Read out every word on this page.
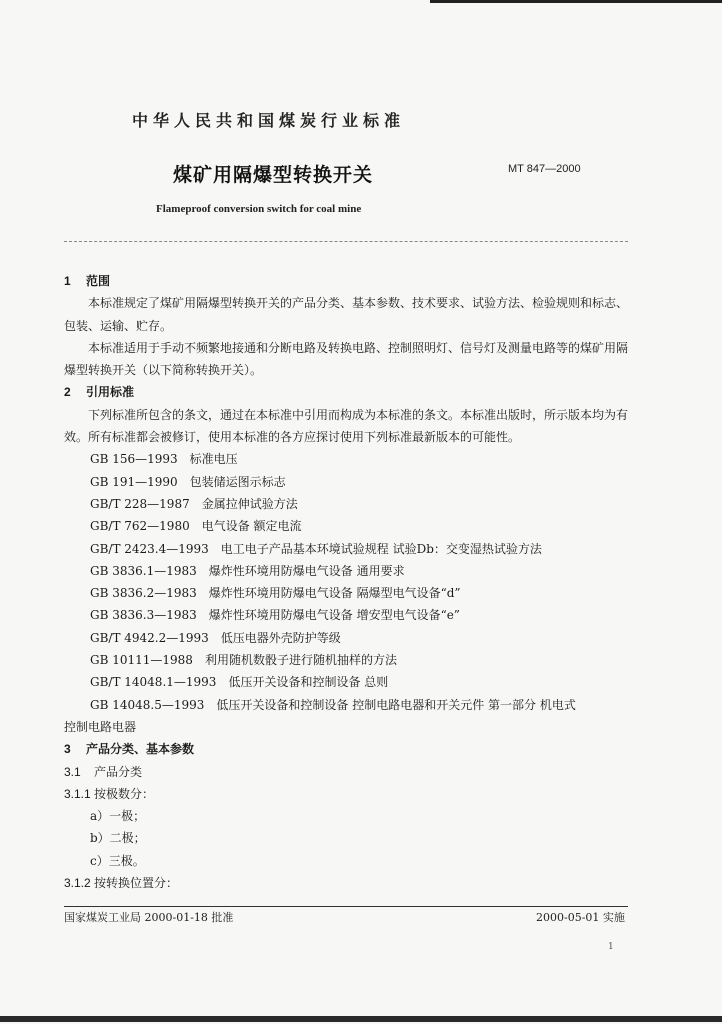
中华人民共和国煤炭行业标准
煤矿用隔爆型转换开关	MT 847—2000
Flameproof conversion switch for coal mine

1 范围

本标准规定了煤矿用隔爆型转换开关的产品分类、基本参数、技术要求、试验方法、检验规则和标志、包装、运输、贮存。

本标准适用于手动不频繁地接通和分断电路及转换电路、控制照明灯、信号灯及测量电路等的煤矿用隔爆型转换开关（以下简称转换开关）。

2 引用标准

下列标准所包含的条文，通过在本标准中引用而构成为本标准的条文。本标准出版时，所示版本均为有效。所有标准都会被修订，使用本标准的各方应探讨使用下列标准最新版本的可能性。

GB 156—1993 标准电压

GB 191—1990 包装储运图示标志

GB/T 228—1987 金属拉伸试验方法

GB/T 762—1980 电气设备 额定电流

GB/T 2423.4—1993 电工电子产品基本环境试验规程 试验Db：交变湿热试验方法

GB 3836.1—1983 爆炸性环境用防爆电气设备 通用要求

GB 3836.2—1983 爆炸性环境用防爆电气设备 隔爆型电气设备“d”

GB 3836.3—1983 爆炸性环境用防爆电气设备 增安型电气设备“e”

GB/T 4942.2—1993 低压电器外壳防护等级

GB 10111—1988 利用随机数骰子进行随机抽样的方法

GB/T 14048.1—1993 低压开关设备和控制设备 总则

GB 14048.5—1993 低压开关设备和控制设备 控制电路电器和开关元件 第一部分 机电式
控制电路电器

3 产品分类、基本参数

3.1 产品分类

3.1.1 按极数分：

a）一极；

b）二极；

c）三极。

3.1.2 按转换位置分：

国家煤炭工业局 2000-01-18 批准	2000-05-01 实施
1
